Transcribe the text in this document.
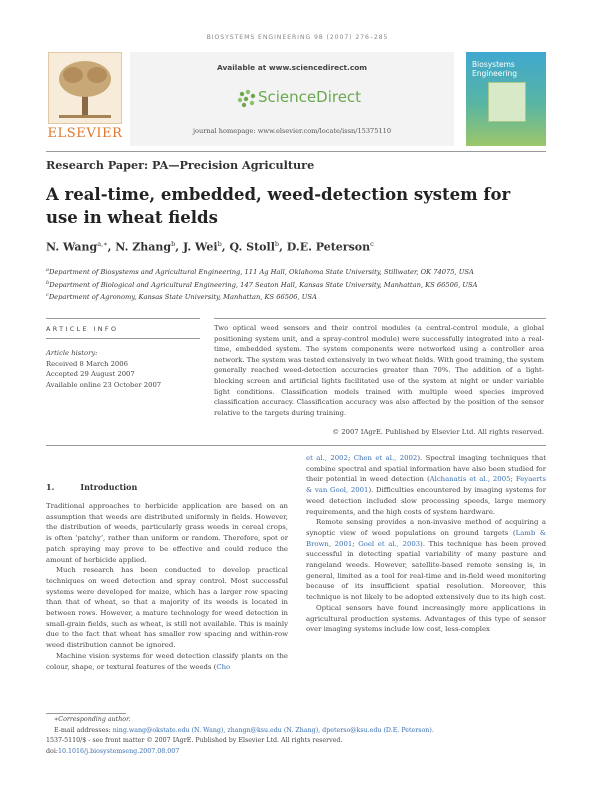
BIOSYSTEMS ENGINEERING 98 (2007) 276–285
ELSEVIER
Available at www.sciencedirect.com
ScienceDirect
journal homepage: www.elsevier.com/locate/issn/15375110
Biosystems Engineering
Research Paper: PA—Precision Agriculture
A real-time, embedded, weed-detection system for use in wheat fields
N. Wang$^{a,∗}$, N. Zhang$^b$, J. Wei$^b$, Q. Stoll$^b$, D.E. Peterson$^c$
$^a$Department of Biosystems and Agricultural Engineering, 111 Ag Hall, Oklahoma State University, Stillwater, OK 74075, USA
$^b$Department of Biological and Agricultural Engineering, 147 Seaton Hall, Kansas State University, Manhattan, KS 66506, USA
$^c$Department of Agronomy, Kansas State University, Manhattan, KS 66506, USA
ARTICLE INFO
Article history:
Received 8 March 2006
Accepted 29 August 2007
Available online 23 October 2007
Two optical weed sensors and their control modules (a central-control module, a global positioning system unit, and a spray-control module) were successfully integrated into a real-time, embedded system. The system components were networked using a controller area network. The system was tested extensively in two wheat fields. With good training, the system generally reached weed-detection accuracies greater than 70%. The addition of a light-blocking screen and artificial lights facilitated use of the system at night or under variable light conditions. Classification models trained with multiple weed species improved classification accuracy. Classification accuracy was also affected by the position of the sensor relative to the targets during training.
© 2007 IAgrE. Published by Elsevier Ltd. All rights reserved.
1.	Introduction

Traditional approaches to herbicide application are based on an assumption that weeds are distributed uniformly in fields. However, the distribution of weeds, particularly grass weeds in cereal crops, is often ‘patchy’, rather than uniform or random. Therefore, spot or patch spraying may prove to be effective and could reduce the amount of herbicide applied.

Much research has been conducted to develop practical techniques on weed detection and spray control. Most successful systems were developed for maize, which has a larger row spacing than that of wheat, so that a majority of its weeds is located in between rows. However, a mature technology for weed detection in small-grain fields, such as wheat, is still not available. This is mainly due to the fact that wheat has smaller row spacing and within-row weed distribution cannot be ignored.

Machine vision systems for weed detection classify plants on the colour, shape, or textural features of the weeds (Cho

et al., 2002; Chen et al., 2002). Spectral imaging techniques that combine spectral and spatial information have also been studied for their potential in weed detection (Alchanatis et al., 2005; Feyaerts & van Gool, 2001). Difficulties encountered by imaging systems for weed detection included slow processing speeds, large memory requirements, and the high costs of system hardware.

Remote sensing provides a non-invasive method of acquiring a synoptic view of weed populations on ground targets (Lamb & Brown, 2001; Goel et al., 2003). This technique has been proved successful in detecting spatial variability of many pasture and rangeland weeds. However, satellite-based remote sensing is, in general, limited as a tool for real-time and in-field weed monitoring because of its insufficient spatial resolution. Moreover, this technique is not likely to be adopted extensively due to its high cost.

Optical sensors have found increasingly more applications in agricultural production systems. Advantages of this type of sensor over imaging systems include low cost, less-complex

∗Corresponding author.
E-mail addresses: ning.wang@okstate.edu (N. Wang), zhangn@ksu.edu (N. Zhang), dpeterso@ksu.edu (D.E. Peterson).
1537-5110/$ - see front matter © 2007 IAgrE. Published by Elsevier Ltd. All rights reserved.
doi:10.1016/j.biosystemseng.2007.08.007
